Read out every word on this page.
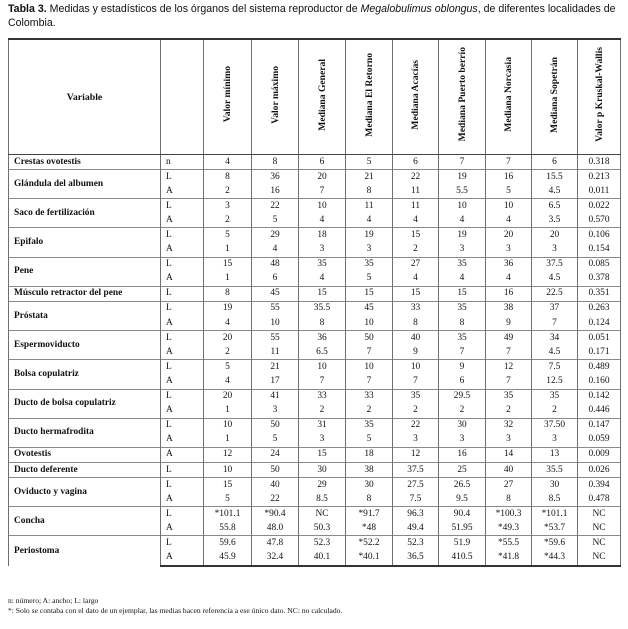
Tabla 3. Medidas y estadísticos de los órganos del sistema reproductor de Megalobulimus oblongus, de diferentes localidades de Colombia.
Variable		Valor mínimo	Valor máximo	Mediana General	Mediana El Retorno	Mediana Acacías	Mediana Puerto berrío	Mediana Norcasia	Mediana Sopetrán	Valor p Kruskal-Wallis
Crestas ovotestis	n	4	8	6	5	6	7	7	6	0.318
Glándula del albumen	L	8	36	20	21	22	19	16	15.5	0.213
	A	2	16	7	8	11	5.5	5	4.5	0.011
Saco de fertilización	L	3	22	10	11	11	10	10	6.5	0.022
	A	2	5	4	4	4	4	4	3.5	0.570
Epifalo	L	5	29	18	19	15	19	20	20	0.106
	A	1	4	3	3	2	3	3	3	0.154
Pene	L	15	48	35	35	27	35	36	37.5	0.085
	A	1	6	4	5	4	4	4	4.5	0.378
Músculo retractor del pene	L	8	45	15	15	15	15	16	22.5	0.351
Próstata	L	19	55	35.5	45	33	35	38	37	0.263
	A	4	10	8	10	8	8	9	7	0.124
Espermoviducto	L	20	55	36	50	40	35	49	34	0.051
	A	2	11	6.5	7	9	7	7	4.5	0.171
Bolsa copulatriz	L	5	21	10	10	10	9	12	7.5	0.489
	A	4	17	7	7	7	6	7	12.5	0.160
Ducto de bolsa copulatriz	L	20	41	33	33	35	29.5	35	35	0.142
	A	1	3	2	2	2	2	2	2	0.446
Ducto hermafrodita	L	10	50	31	35	22	30	32	37.50	0.147
	A	1	5	3	5	3	3	3	3	0.059
Ovotestis	A	12	24	15	18	12	16	14	13	0.009
Ducto deferente	L	10	50	30	38	37.5	25	40	35.5	0.026
Oviducto y vagina	L	15	40	29	30	27.5	26.5	27	30	0.394
	A	5	22	8.5	8	7.5	9.5	8	8.5	0.478
Concha	L	*101.1	*90.4	NC	*91.7	96.3	90.4	*100.3	*101.1	NC
	A	55.8	48.0	50.3	*48	49.4	51.95	*49.3	*53.7	NC
Periostoma	L	59.6	47.8	52.3	*52.2	52.3	51.9	*55.5	*59.6	NC
	A	45.9	32.4	40.1	*40.1	36.5	410.5	*41.8	*44.3	NC
n: número; A: ancho; L: largo
*: Solo se contaba con el dato de un ejemplar, las medias hacen referencia a ese único dato. NC: no calculado.
